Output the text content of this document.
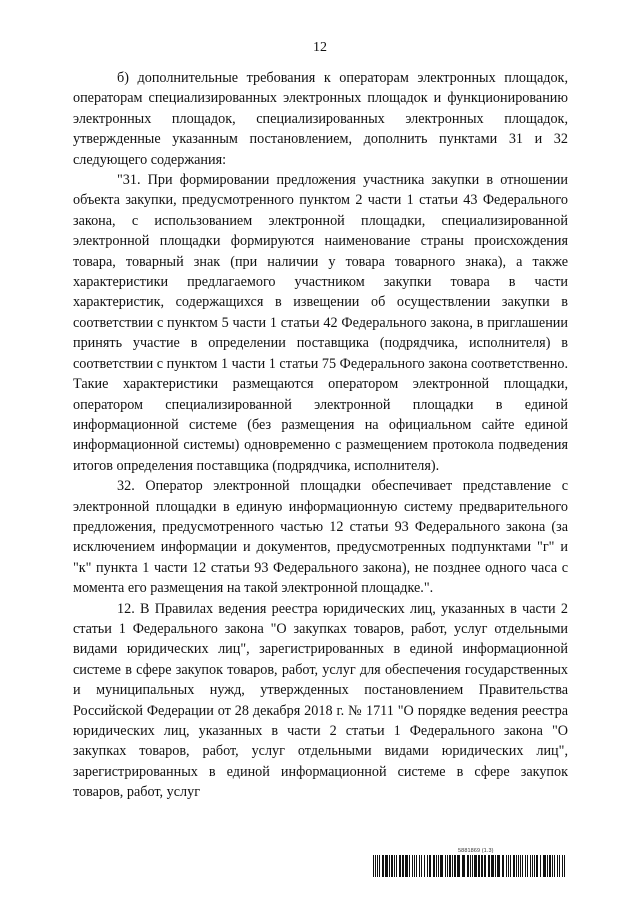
12

б) дополнительные требования к операторам электронных площадок, операторам специализированных электронных площадок и функционированию электронных площадок, специализированных электронных площадок, утвержденные указанным постановлением, дополнить пунктами 31 и 32 следующего содержания:

"31. При формировании предложения участника закупки в отношении объекта закупки, предусмотренного пунктом 2 части 1 статьи 43 Федерального закона, с использованием электронной площадки, специализированной электронной площадки формируются наименование страны происхождения товара, товарный знак (при наличии у товара товарного знака), а также характеристики предлагаемого участником закупки товара в части характеристик, содержащихся в извещении об осуществлении закупки в соответствии с пунктом 5 части 1 статьи 42 Федерального закона, в приглашении принять участие в определении поставщика (подрядчика, исполнителя) в соответствии с пунктом 1 части 1 статьи 75 Федерального закона соответственно. Такие характеристики размещаются оператором электронной площадки, оператором специализированной электронной площадки в единой информационной системе (без размещения на официальном сайте единой информационной системы) одновременно с размещением протокола подведения итогов определения поставщика (подрядчика, исполнителя).

32. Оператор электронной площадки обеспечивает представление с электронной площадки в единую информационную систему предварительного предложения, предусмотренного частью 12 статьи 93 Федерального закона (за исключением информации и документов, предусмотренных подпунктами "г" и "к" пункта 1 части 12 статьи 93 Федерального закона), не позднее одного часа с момента его размещения на такой электронной площадке.".

12. В Правилах ведения реестра юридических лиц, указанных в части 2 статьи 1 Федерального закона "О закупках товаров, работ, услуг отдельными видами юридических лиц", зарегистрированных в единой информационной системе в сфере закупок товаров, работ, услуг для обеспечения государственных и муниципальных нужд, утвержденных постановлением Правительства Российской Федерации от 28 декабря 2018 г. № 1711 "О порядке ведения реестра юридических лиц, указанных в части 2 статьи 1 Федерального закона "О закупках товаров, работ, услуг отдельными видами юридических лиц", зарегистрированных в единой информационной системе в сфере закупок товаров, работ, услуг

5881869 (1.3)
